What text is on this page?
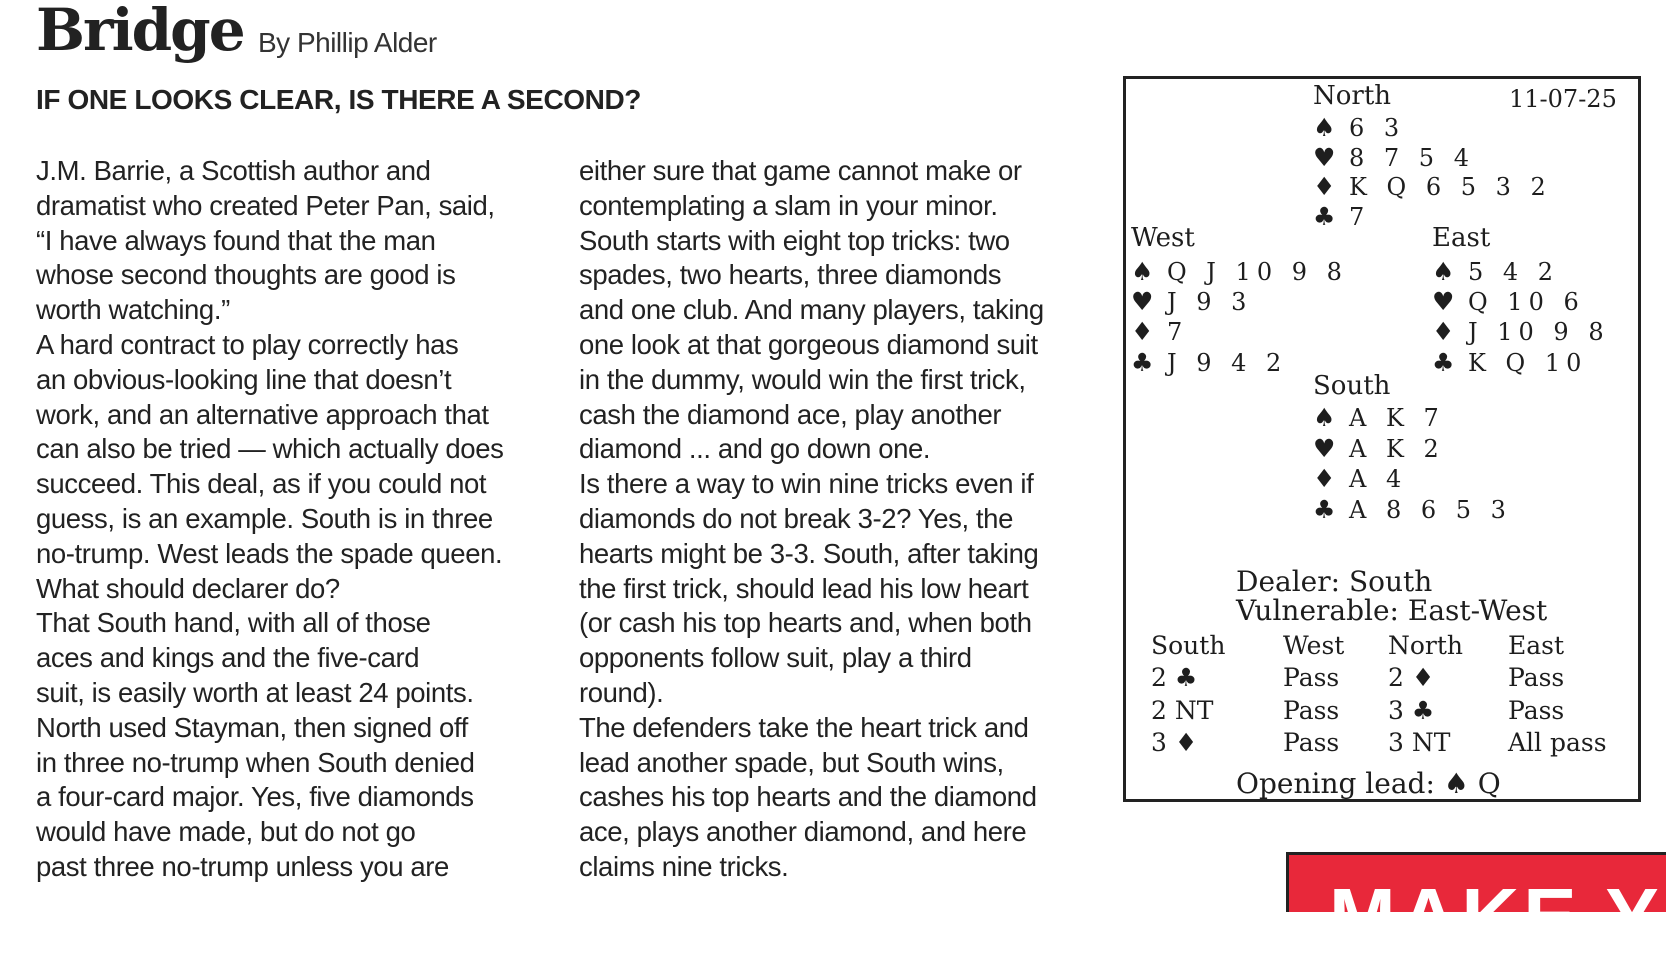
Bridge By Phillip Alder
IF ONE LOOKS CLEAR, IS THERE A SECOND?
J.M. Barrie, a Scottish author and
dramatist who created Peter Pan, said,
“I have always found that the man
whose second thoughts are good is
worth watching.”
A hard contract to play correctly has
an obvious-looking line that doesn’t
work, and an alternative approach that
can also be tried — which actually does
succeed. This deal, as if you could not
guess, is an example. South is in three
no-trump. West leads the spade queen.
What should declarer do?
That South hand, with all of those
aces and kings and the five-card
suit, is easily worth at least 24 points.
North used Stayman, then signed off
in three no-trump when South denied
a four-card major. Yes, five diamonds
would have made, but do not go
past three no-trump unless you are
either sure that game cannot make or
contemplating a slam in your minor.
South starts with eight top tricks: two
spades, two hearts, three diamonds
and one club. And many players, taking
one look at that gorgeous diamond suit
in the dummy, would win the first trick,
cash the diamond ace, play another
diamond ... and go down one.
Is there a way to win nine tricks even if
diamonds do not break 3-2? Yes, the
hearts might be 3-3. South, after taking
the first trick, should lead his low heart
(or cash his top hearts and, when both
opponents follow suit, play a third
round).
The defenders take the heart trick and
lead another spade, but South wins,
cashes his top hearts and the diamond
ace, plays another diamond, and here
claims nine tricks.
11-07-25
North
♠ 6 3
♥ 8 7 5 4
♦ K Q 6 5 3 2
♣ 7
West
♠ Q J 10 9 8
♥ J 9 3
♦ 7
♣ J 9 4 2
East
♠ 5 4 2
♥ Q 10 6
♦ J 10 9 8
♣ K Q 10
South
♠ A K 7
♥ A K 2
♦ A 4
♣ A 8 6 5 3
Dealer: South
Vulnerable: East-West
South West North East
2 ♣	Pass 2 ♦	Pass
2 NT	Pass 3 ♣	Pass
3 ♦	Pass 3 NT All pass
Opening lead: ♠ Q
MAKE Y
